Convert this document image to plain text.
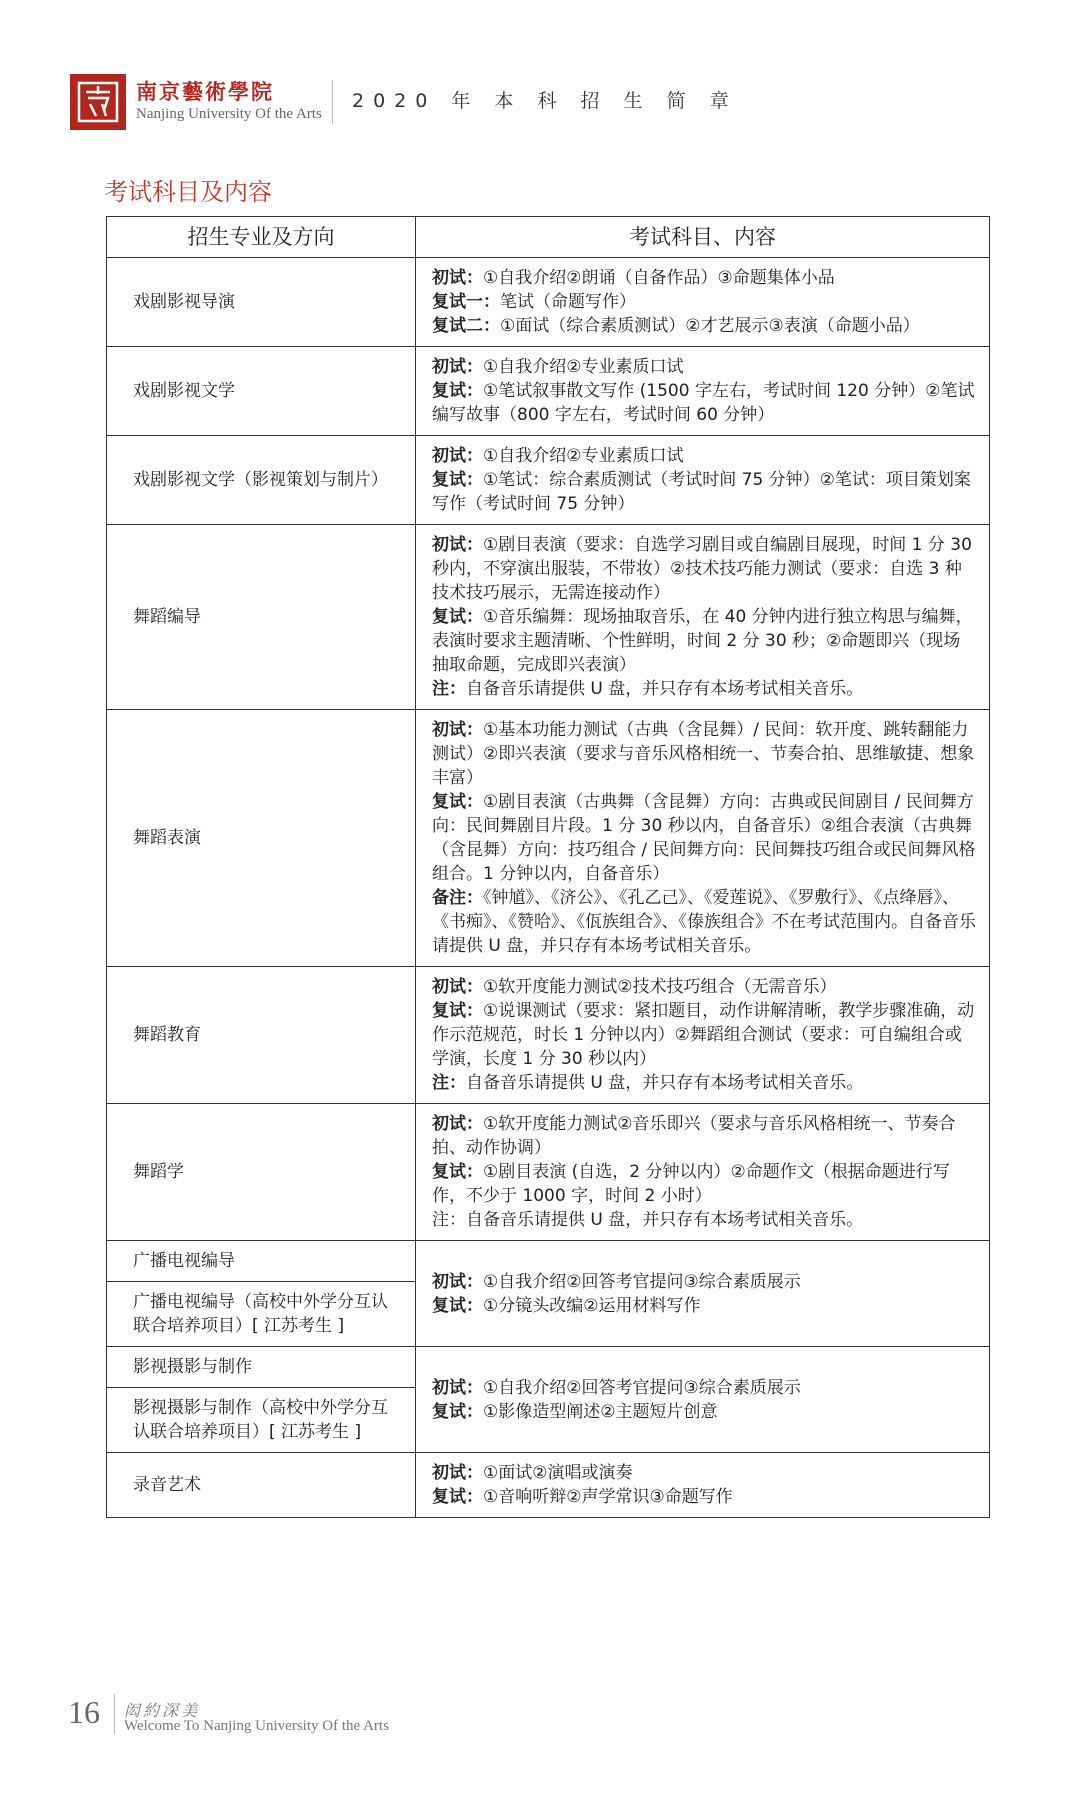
南京藝術學院
Nanjing University Of the Arts
2020 年 本 科 招 生 简 章
考试科目及内容
招生专业及方向	考试科目、内容
戏剧影视导演	初试：①自我介绍②朗诵（自备作品）③命题集体小品
复试一：笔试（命题写作）
复试二：①面试（综合素质测试）②才艺展示③表演（命题小品）

戏剧影视文学	初试：①自我介绍②专业素质口试
复试：①笔试叙事散文写作 (1500 字左右，考试时间 120 分钟）②笔试编写故事（800 字左右，考试时间 60 分钟）

戏剧影视文学（影视策划与制片）	初试：①自我介绍②专业素质口试
复试：①笔试：综合素质测试（考试时间 75 分钟）②笔试：项目策划案写作（考试时间 75 分钟）

舞蹈编导	初试：①剧目表演（要求：自选学习剧目或自编剧目展现，时间 1 分 30 秒内，不穿演出服装，不带妆）②技术技巧能力测试（要求：自选 3 种技术技巧展示，无需连接动作）
复试：①音乐编舞：现场抽取音乐，在 40 分钟内进行独立构思与编舞，表演时要求主题清晰、个性鲜明，时间 2 分 30 秒；②命题即兴（现场抽取命题，完成即兴表演）
注：自备音乐请提供 U 盘，并只存有本场考试相关音乐。

舞蹈表演	初试：①基本功能力测试（古典（含昆舞）/ 民间：软开度、跳转翻能力测试）②即兴表演（要求与音乐风格相统一、节奏合拍、思维敏捷、想象丰富）
复试：①剧目表演（古典舞（含昆舞）方向：古典或民间剧目 / 民间舞方向：民间舞剧目片段。1 分 30 秒以内，自备音乐）②组合表演（古典舞（含昆舞）方向：技巧组合 / 民间舞方向：民间舞技巧组合或民间舞风格组合。1 分钟以内，自备音乐）
备注：《钟馗》、《济公》、《孔乙己》、《爱莲说》、《罗敷行》、《点绛唇》、《书痴》、《赞哈》、《佤族组合》、《傣族组合》不在考试范围内。自备音乐请提供 U 盘，并只存有本场考试相关音乐。

舞蹈教育	初试：①软开度能力测试②技术技巧组合（无需音乐）
复试：①说课测试（要求：紧扣题目，动作讲解清晰，教学步骤准确，动作示范规范，时长 1 分钟以内）②舞蹈组合测试（要求：可自编组合或学演，长度 1 分 30 秒以内）
注：自备音乐请提供 U 盘，并只存有本场考试相关音乐。

舞蹈学	初试：①软开度能力测试②音乐即兴（要求与音乐风格相统一、节奏合拍、动作协调）
复试：①剧目表演 (自选，2 分钟以内）②命题作文（根据命题进行写作，不少于 1000 字，时间 2 小时）
注：自备音乐请提供 U 盘，并只存有本场考试相关音乐。

广播电视编导	初试：①自我介绍②回答考官提问③综合素质展示
复试：①分镜头改编②运用材料写作

广播电视编导（高校中外学分互认联合培养项目）[ 江苏考生 ]	
影视摄影与制作	初试：①自我介绍②回答考官提问③综合素质展示
复试：①影像造型阐述②主题短片创意

影视摄影与制作（高校中外学分互认联合培养项目）[ 江苏考生 ]	
录音艺术	初试：①面试②演唱或演奏
复试：①音响听辩②声学常识③命题写作
16 闳約深美
Welcome To Nanjing University Of the Arts
